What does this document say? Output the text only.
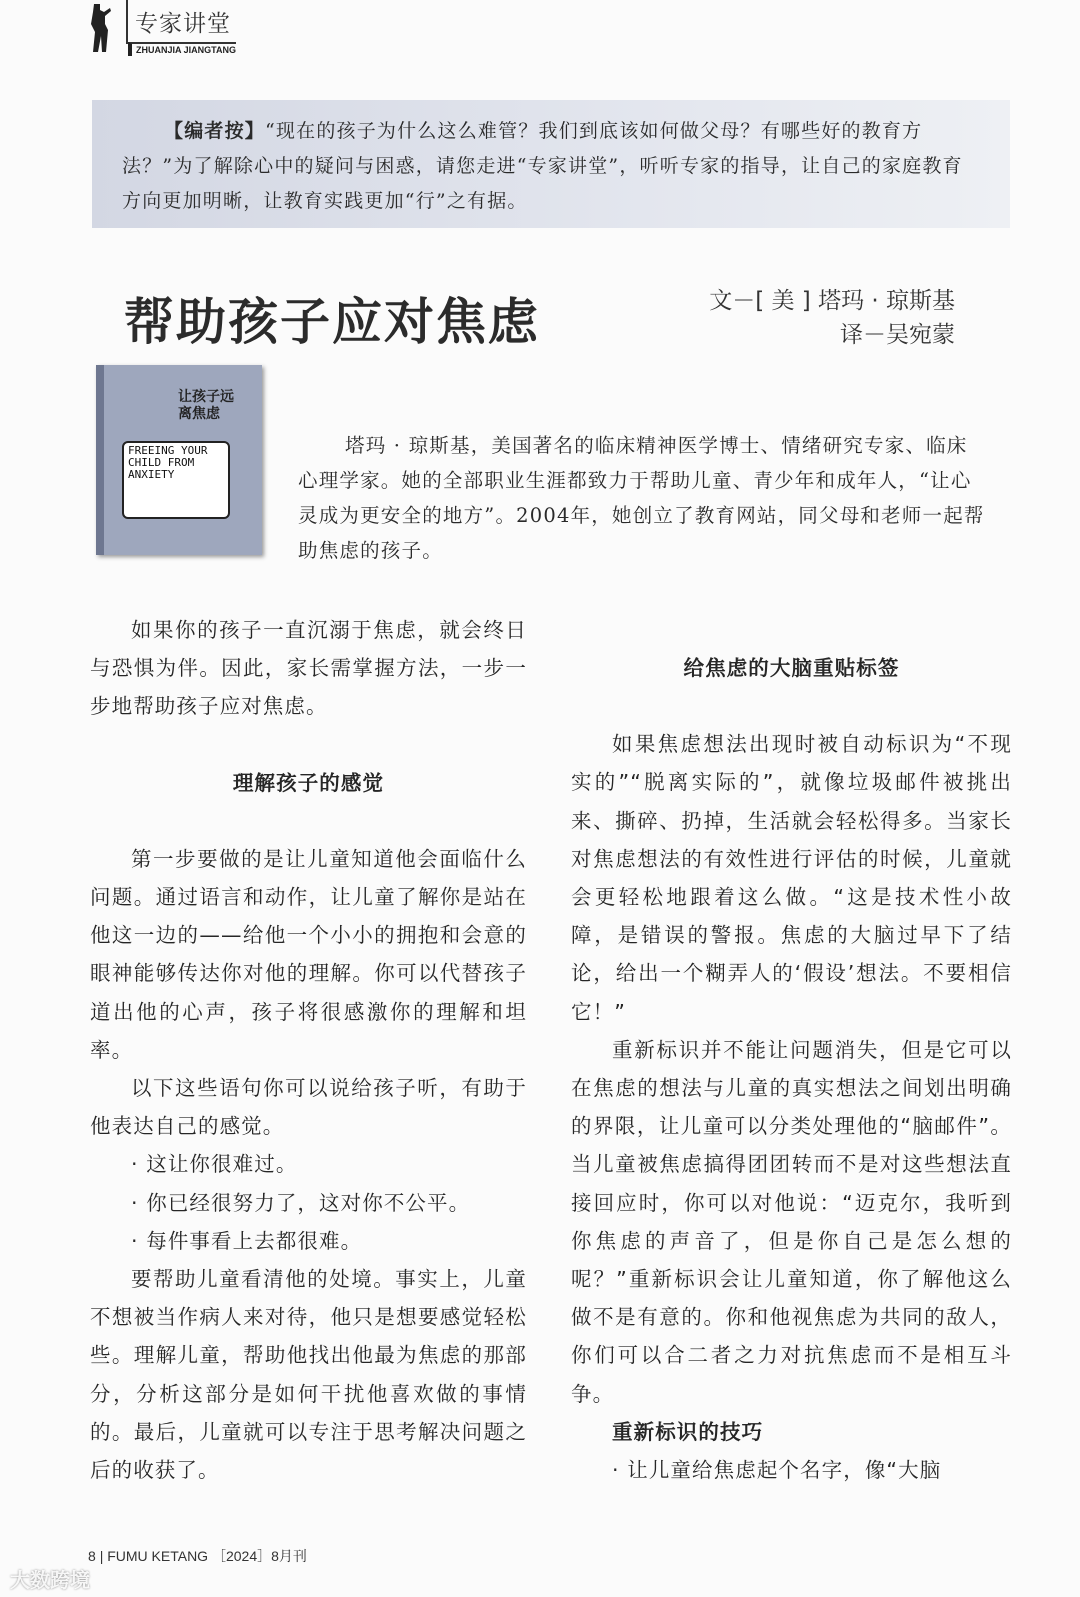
专家讲堂
ZHUANJIA JIANGTANG

【编者按】“现在的孩子为什么这么难管？我们到底该如何做父母？有哪些好的教育方法？”为了解除心中的疑问与困惑，请您走进“专家讲堂”，听听专家的指导，让自己的家庭教育方向更加明晰，让教育实践更加“行”之有据。

帮助孩子应对焦虑	文－[ 美 ] 塔玛 · 琼斯基
译－吴宛蒙
让孩子远离焦虑
FREEING YOUR CHILD FROM ANXIETY

塔玛 · 琼斯基，美国著名的临床精神医学博士、情绪研究专家、临床心理学家。她的全部职业生涯都致力于帮助儿童、青少年和成年人，“让心灵成为更安全的地方”。2004年，她创立了教育网站，同父母和老师一起帮助焦虑的孩子。

如果你的孩子一直沉溺于焦虑，就会终日与恐惧为伴。因此，家长需掌握方法，一步一步地帮助孩子应对焦虑。

理解孩子的感觉

第一步要做的是让儿童知道他会面临什么问题。通过语言和动作，让儿童了解你是站在他这一边的——给他一个小小的拥抱和会意的眼神能够传达你对他的理解。你可以代替孩子道出他的心声，孩子将很感激你的理解和坦率。

以下这些语句你可以说给孩子听，有助于他表达自己的感觉。

· 这让你很难过。
· 你已经很努力了，这对你不公平。
· 每件事看上去都很难。

要帮助儿童看清他的处境。事实上，儿童不想被当作病人来对待，他只是想要感觉轻松些。理解儿童，帮助他找出他最为焦虑的那部分，分析这部分是如何干扰他喜欢做的事情的。最后，儿童就可以专注于思考解决问题之后的收获了。

给焦虑的大脑重贴标签

如果焦虑想法出现时被自动标识为“不现实的”“脱离实际的”，就像垃圾邮件被挑出来、撕碎、扔掉，生活就会轻松得多。当家长对焦虑想法的有效性进行评估的时候，儿童就会更轻松地跟着这么做。“这是技术性小故障，是错误的警报。焦虑的大脑过早下了结论，给出一个糊弄人的‘假设’想法。不要相信它！”

重新标识并不能让问题消失，但是它可以在焦虑的想法与儿童的真实想法之间划出明确的界限，让儿童可以分类处理他的“脑邮件”。当儿童被焦虑搞得团团转而不是对这些想法直接回应时，你可以对他说：“迈克尔，我听到你焦虑的声音了，但是你自己是怎么想的呢？”重新标识会让儿童知道，你了解他这么做不是有意的。你和他视焦虑为共同的敌人，你们可以合二者之力对抗焦虑而不是相互斗争。

重新标识的技巧
· 让儿童给焦虑起个名字，像“大脑
8 | FUMU KETANG ［2024］8月刊
大数跨境
